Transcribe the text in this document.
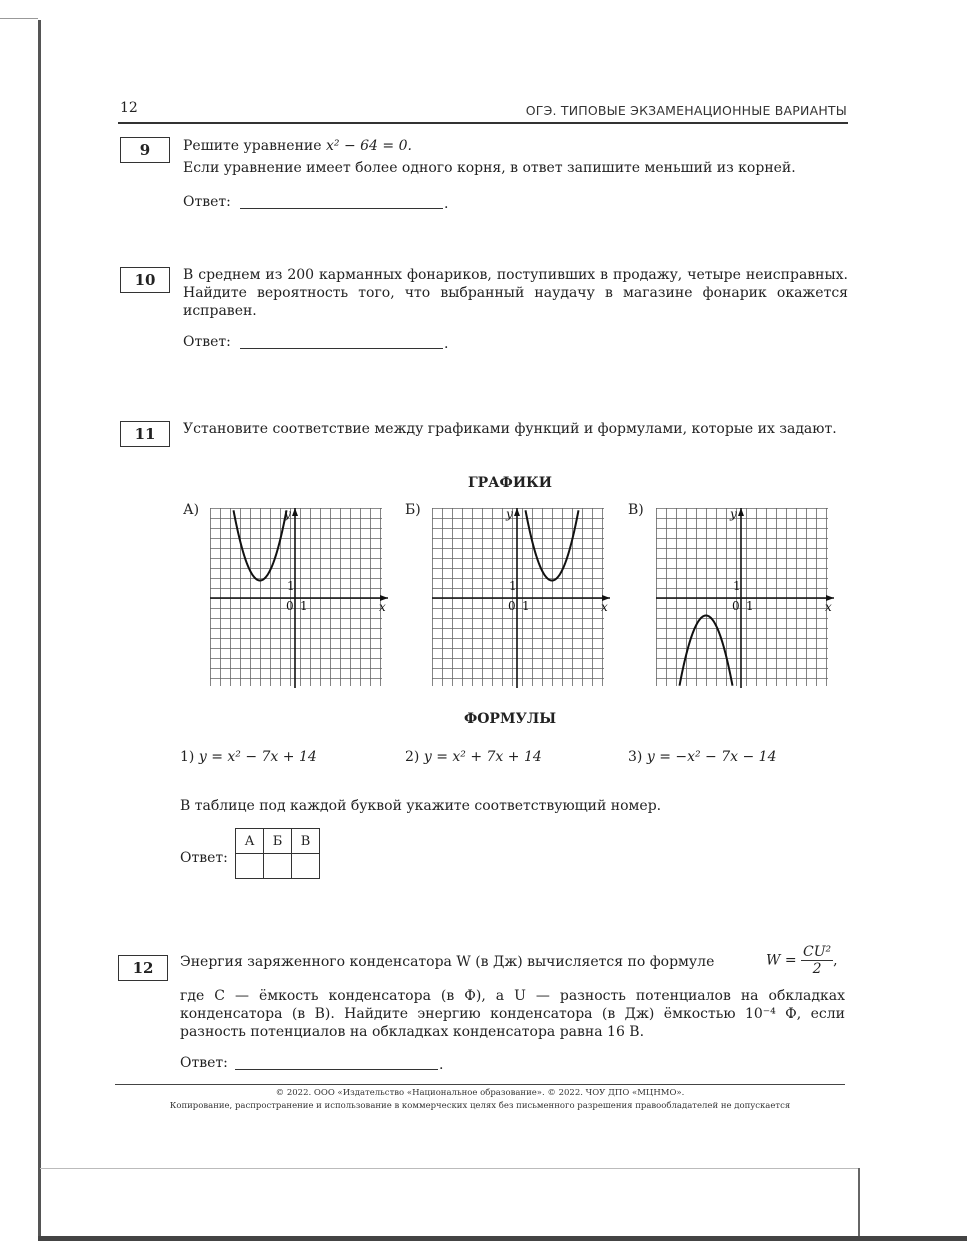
12	ОГЭ. ТИПОВЫЕ ЭКЗАМЕНАЦИОННЫЕ ВАРИАНТЫ
9	Решите уравнение x² − 64 = 0.
Если уравнение имеет более одного корня, в ответ запишите меньший из корней.
Ответ:	.
10	В среднем из 200 карманных фонариков, поступивших в продажу, четыре неисправных. Найдите вероятность того, что выбранный наудачу в магазине фонарик окажется исправен.
Ответ:	.
11	Установите соответствие между графиками функций и формулами, которые их задают.
ГРАФИКИ
А)	Б)	В)
y
x
0 1
1
y
x
0 1
1
y
x
0 1
1
ФОРМУЛЫ
1) y = x² − 7x + 14	2) y = x² + 7x + 14	3) y = −x² − 7x − 14
В таблице под каждой буквой укажите соответствующий номер.
Ответ:
А	Б	В

12	Энергия заряженного конденсатора W (в Дж) вычисляется по формуле	$W = \frac{\text{CU²}}{2}$ ,
где C — ёмкость конденсатора (в Ф), а U — разность потенциалов на обкладках конденсатора (в В). Найдите энергию конденсатора (в Дж) ёмкостью 10⁻⁴ Ф, если разность потенциалов на обкладках конденсатора равна 16 В.
Ответ:	.
© 2022. ООО «Издательство «Национальное образование». © 2022. ЧОУ ДПО «МЦНМО».
Копирование, распространение и использование в коммерческих целях без письменного разрешения правообладателей не допускается
